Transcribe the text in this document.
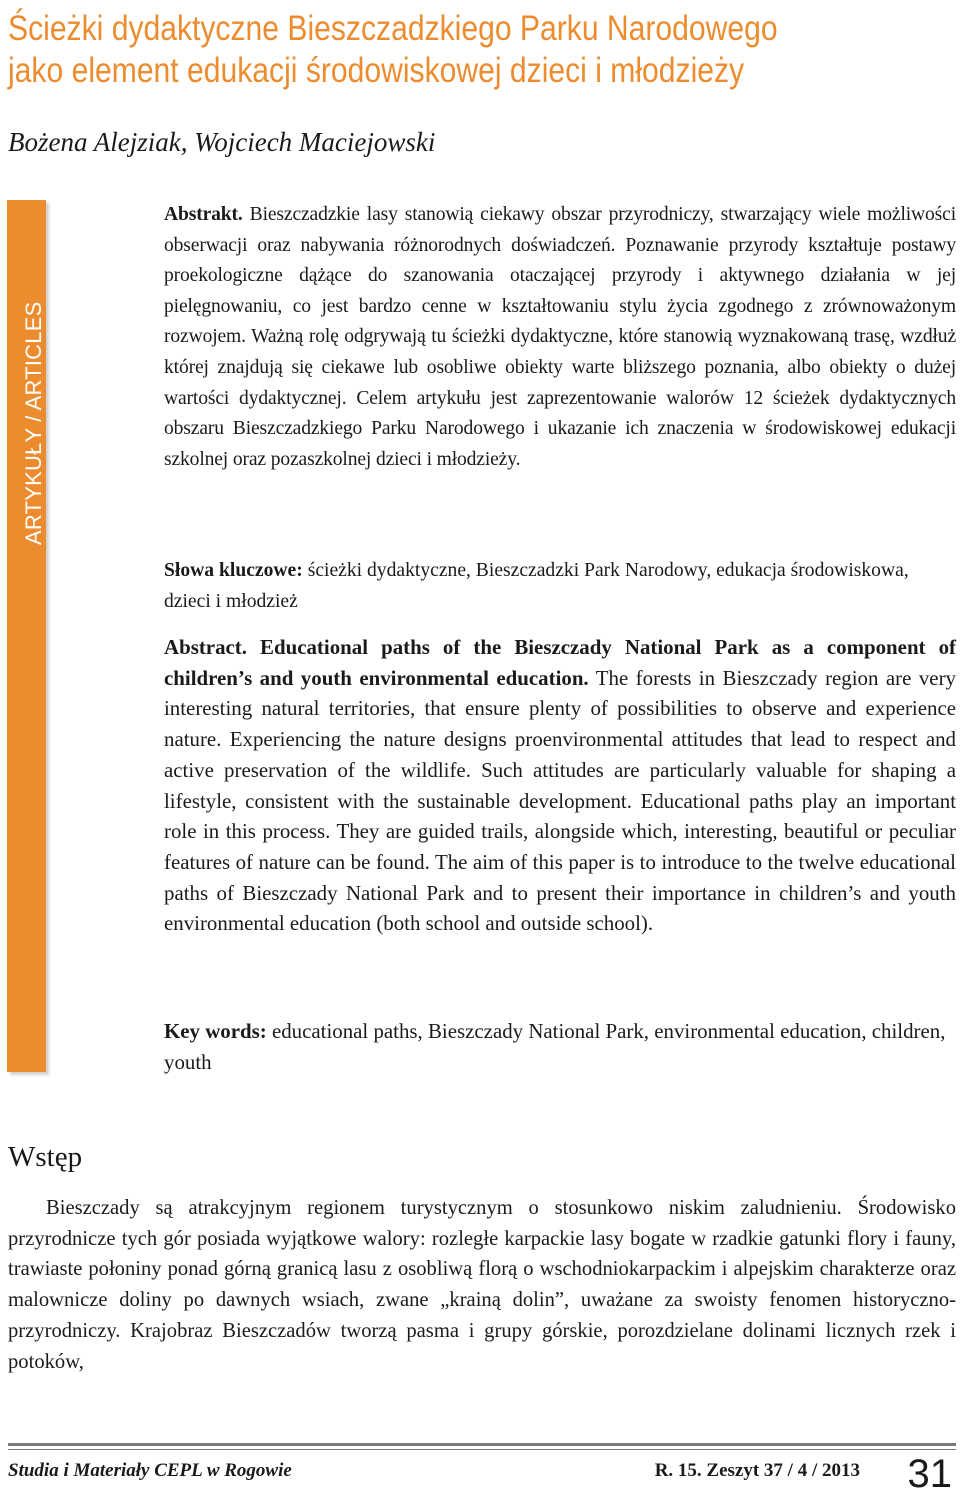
Ścieżki dydaktyczne Bieszczadzkiego Parku Narodowego
jako element edukacji środowiskowej dzieci i młodzieży
Bożena Alejziak, Wojciech Maciejowski
ARTYKUŁY / ARTICLES

Abstrakt. Bieszczadzkie lasy stanowią ciekawy obszar przyrodniczy, stwarzający wiele możliwości obserwacji oraz nabywania różnorodnych doświadczeń. Poznawanie przyrody kształtuje postawy proekologiczne dążące do szanowania otaczającej przyrody i aktywnego działania w jej pielęgnowaniu, co jest bardzo cenne w kształtowaniu stylu życia zgodnego z zrównoważonym rozwojem. Ważną rolę odgrywają tu ścieżki dydaktyczne, które stanowią wyznakowaną trasę, wzdłuż której znajdują się ciekawe lub osobliwe obiekty warte bliższego poznania, albo obiekty o dużej wartości dydaktycznej. Celem artykułu jest zaprezentowanie walorów 12 ścieżek dydaktycznych obszaru Bieszczadzkiego Parku Narodowego i ukazanie ich znaczenia w środowiskowej edukacji szkolnej oraz pozaszkolnej dzieci i młodzieży.

Słowa kluczowe: ścieżki dydaktyczne, Bieszczadzki Park Narodowy, edukacja środowiskowa, dzieci i młodzież

Abstract. Educational paths of the Bieszczady National Park as a component of children’s and youth environmental education. The forests in Bieszczady region are very interesting natural territories, that ensure plenty of possibilities to observe and experience nature. Experiencing the nature designs proenvironmental attitudes that lead to respect and active preservation of the wildlife. Such attitudes are particularly valuable for shaping a lifestyle, consistent with the sustainable development. Educational paths play an important role in this process. They are guided trails, alongside which, interesting, beautiful or peculiar features of nature can be found. The aim of this paper is to introduce to the twelve educational paths of Bieszczady National Park and to present their importance in children’s and youth environmental education (both school and outside school).

Key words: educational paths, Bieszczady National Park, environmental education, children, youth

Wstęp

Bieszczady są atrakcyjnym regionem turystycznym o stosunkowo niskim zaludnieniu. Środowisko przyrodnicze tych gór posiada wyjątkowe walory: rozległe karpackie lasy bogate w rzadkie gatunki flory i fauny, trawiaste połoniny ponad górną granicą lasu z osobliwą florą o wschodniokarpackim i alpejskim charakterze oraz malownicze doliny po dawnych wsiach, zwane „krainą dolin”, uważane za swoisty fenomen historyczno-przyrodniczy. Krajobraz Bieszczadów tworzą pasma i grupy górskie, porozdzielane dolinami licznych rzek i potoków,

Studia i Materiały CEPL w Rogowie	R. 15. Zeszyt 37 / 4 / 2013 31
